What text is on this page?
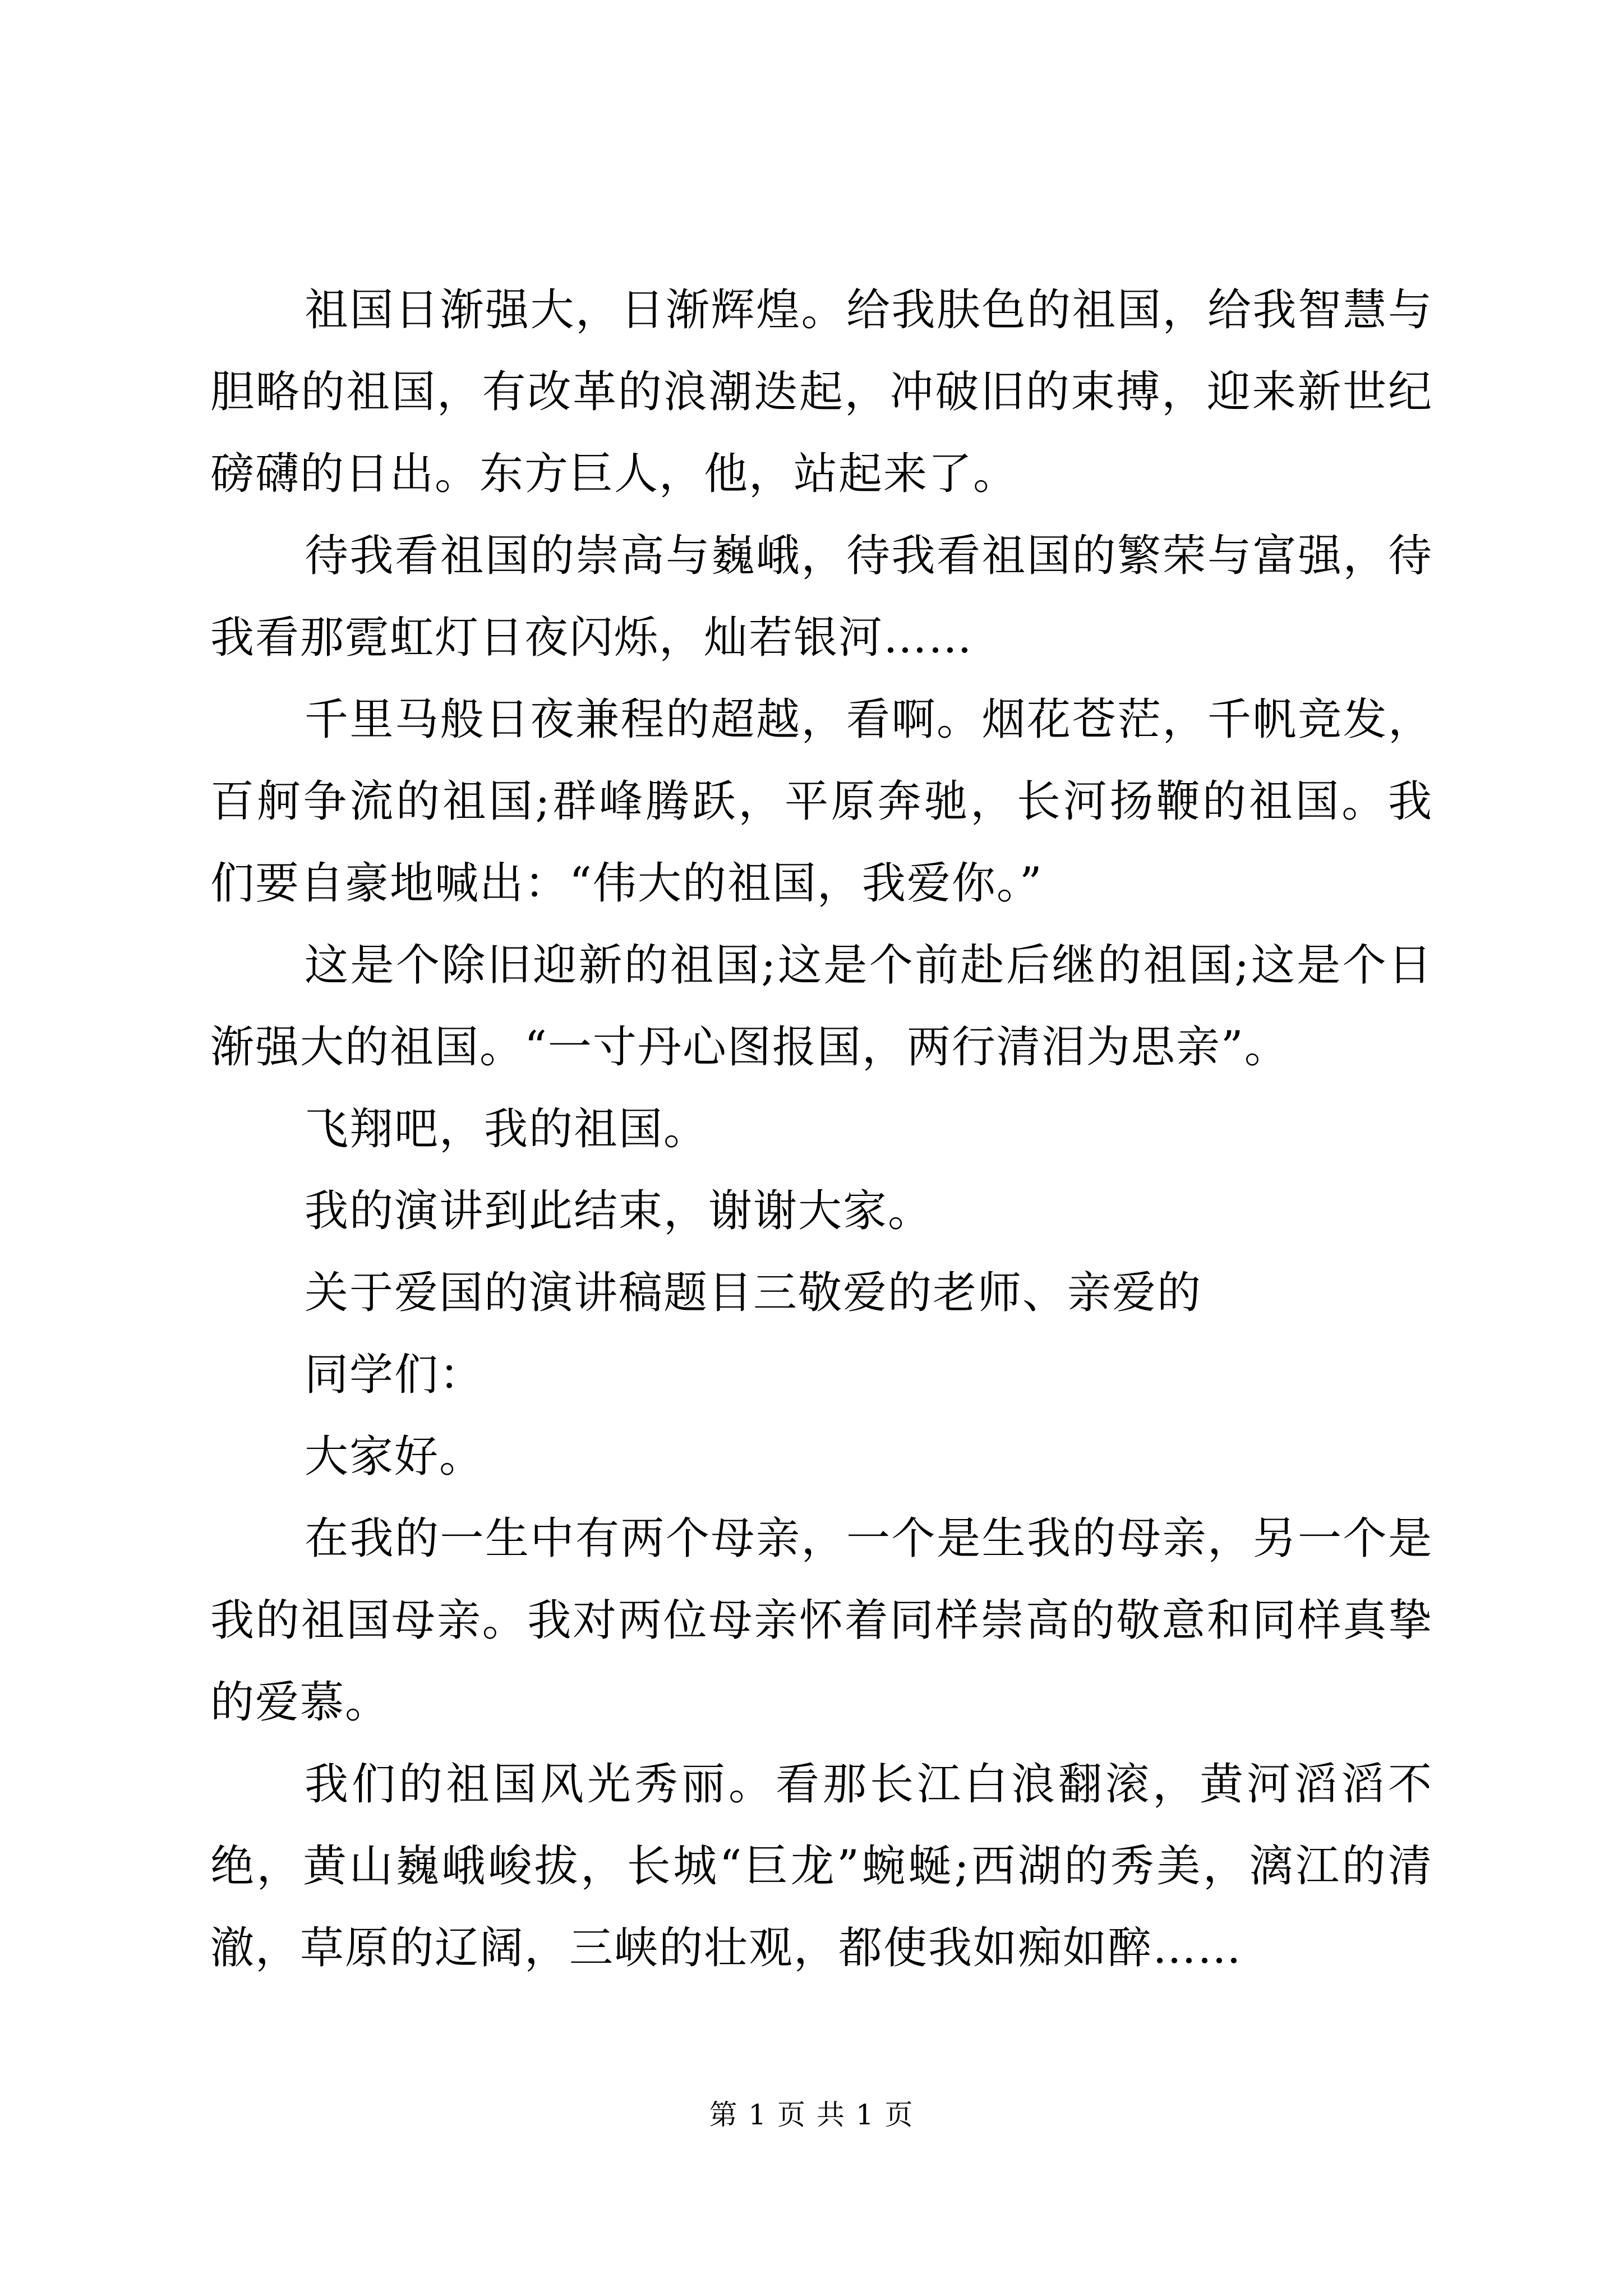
祖国日渐强大，日渐辉煌。给我肤色的祖国，给我智慧与胆略的祖国，有改革的浪潮迭起，冲破旧的束搏，迎来新世纪磅礴的日出。东方巨人，他，站起来了。

待我看祖国的崇高与巍峨，待我看祖国的繁荣与富强，待我看那霓虹灯日夜闪烁，灿若银河……

千里马般日夜兼程的超越，看啊。烟花苍茫，千帆竞发，百舸争流的祖国;群峰腾跃，平原奔驰，长河扬鞭的祖国。我们要自豪地喊出：“伟大的祖国，我爱你。”

这是个除旧迎新的祖国;这是个前赴后继的祖国;这是个日渐强大的祖国。“一寸丹心图报国，两行清泪为思亲”。

飞翔吧，我的祖国。

我的演讲到此结束，谢谢大家。

关于爱国的演讲稿题目三敬爱的老师、亲爱的

同学们：

大家好。

在我的一生中有两个母亲，一个是生我的母亲，另一个是我的祖国母亲。我对两位母亲怀着同样崇高的敬意和同样真挚的爱慕。

我们的祖国风光秀丽。看那长江白浪翻滚，黄河滔滔不绝，黄山巍峨峻拔，长城“巨龙”蜿蜒;西湖的秀美，漓江的清澈，草原的辽阔，三峡的壮观，都使我如痴如醉……

第 1 页 共 1 页
